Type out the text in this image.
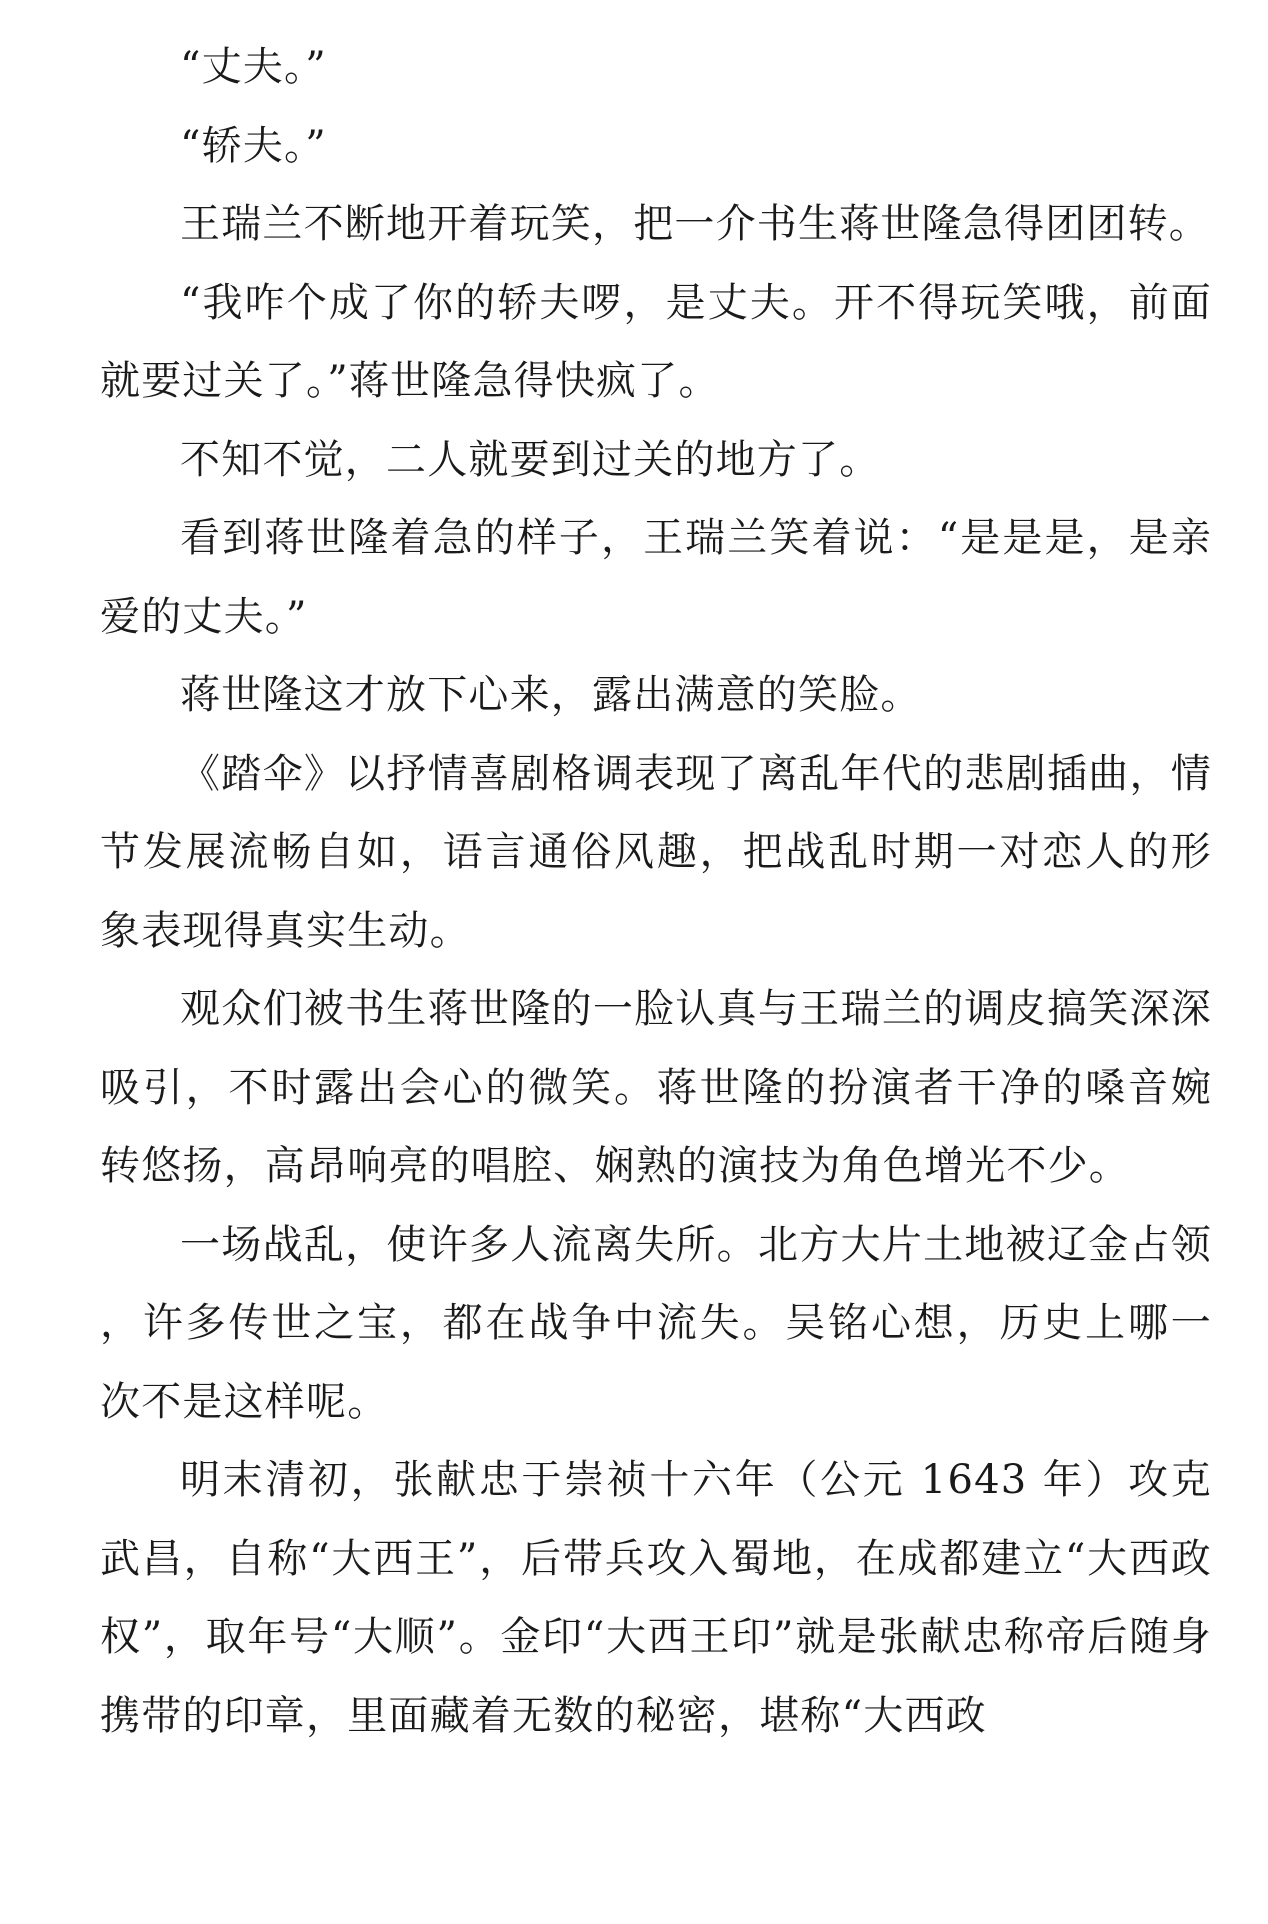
“丈夫。”

“轿夫。”

王瑞兰不断地开着玩笑，把一介书生蒋世隆急得团团转。

“我咋个成了你的轿夫啰，是丈夫。开不得玩笑哦，前面就要过关了。”蒋世隆急得快疯了。

不知不觉，二人就要到过关的地方了。

看到蒋世隆着急的样子，王瑞兰笑着说：“是是是，是亲爱的丈夫。”

蒋世隆这才放下心来，露出满意的笑脸。

《踏伞》以抒情喜剧格调表现了离乱年代的悲剧插曲，情节发展流畅自如，语言通俗风趣，把战乱时期一对恋人的形象表现得真实生动。

观众们被书生蒋世隆的一脸认真与王瑞兰的调皮搞笑深深吸引，不时露出会心的微笑。蒋世隆的扮演者干净的嗓音婉转悠扬，高昂响亮的唱腔、娴熟的演技为角色增光不少。

一场战乱，使许多人流离失所。北方大片土地被辽金占领，许多传世之宝，都在战争中流失。吴铭心想，历史上哪一次不是这样呢。

明末清初，张献忠于崇祯十六年（公元 1643 年）攻克武昌，自称“大西王”，后带兵攻入蜀地，在成都建立“大西政权”，取年号“大顺”。金印“大西王印”就是张献忠称帝后随身携带的印章，里面藏着无数的秘密，堪称“大西政
